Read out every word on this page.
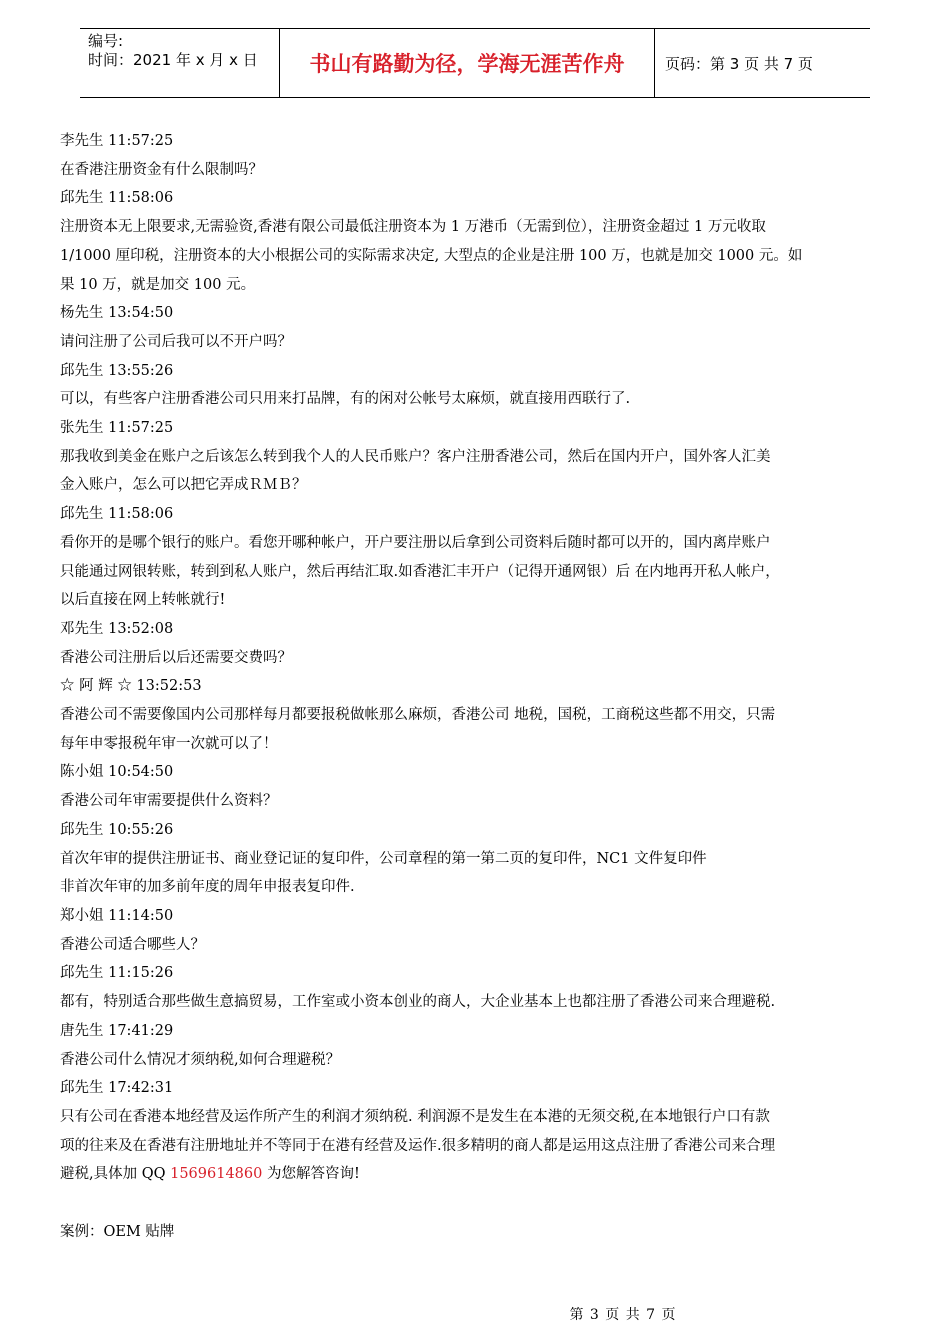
编号:
时间：2021 年 x 月 x 日	书山有路勤为径，学海无涯苦作舟	页码：第 3 页 共 7 页
李先生 11:57:25
在香港注册资金有什么限制吗？
邱先生 11:58:06
注册资本无上限要求,无需验资,香港有限公司最低注册资本为 1 万港币（无需到位），注册资金超过 1 万元收取
1/1000 厘印税，注册资本的大小根据公司的实际需求决定, 大型点的企业是注册 100 万，也就是加交 1000 元。如
果 10 万，就是加交 100 元。
杨先生 13:54:50
请问注册了公司后我可以不开户吗？
邱先生 13:55:26
可以，有些客户注册香港公司只用来打品牌，有的闲对公帐号太麻烦，就直接用西联行了.
张先生 11:57:25
那我收到美金在账户之后该怎么转到我个人的人民币账户？客户注册香港公司，然后在国内开户，国外客人汇美
金入账户，怎么可以把它弄成ＲＭＢ？
邱先生 11:58:06
看你开的是哪个银行的账户。看您开哪种帐户，开户要注册以后拿到公司资料后随时都可以开的，国内离岸账户
只能通过网银转账，转到到私人账户，然后再结汇取.如香港汇丰开户（记得开通网银）后 在内地再开私人帐户，
以后直接在网上转帐就行!
邓先生 13:52:08
香港公司注册后以后还需要交费吗？
☆ 阿 辉 ☆ 13:52:53
香港公司不需要像国内公司那样每月都要报税做帐那么麻烦，香港公司 地税，国税，工商税这些都不用交，只需
每年申零报税年审一次就可以了！
陈小姐 10:54:50
香港公司年审需要提供什么资料？
邱先生 10:55:26
首次年审的提供注册证书、商业登记证的复印件，公司章程的第一第二页的复印件，NC1 文件复印件
非首次年审的加多前年度的周年申报表复印件.
郑小姐 11:14:50
香港公司适合哪些人？
邱先生 11:15:26
都有，特别适合那些做生意搞贸易，工作室或小资本创业的商人，大企业基本上也都注册了香港公司来合理避税.
唐先生 17:41:29
香港公司什么情况才须纳税,如何合理避税？
邱先生 17:42:31
只有公司在香港本地经营及运作所产生的利润才须纳税. 利润源不是发生在本港的无须交税,在本地银行户口有款
项的往来及在香港有注册地址并不等同于在港有经营及运作.很多精明的商人都是运用这点注册了香港公司来合理
避税,具体加 QQ 1569614860 为您解答咨询!
案例：OEM 贴牌
第 3 页 共 7 页
